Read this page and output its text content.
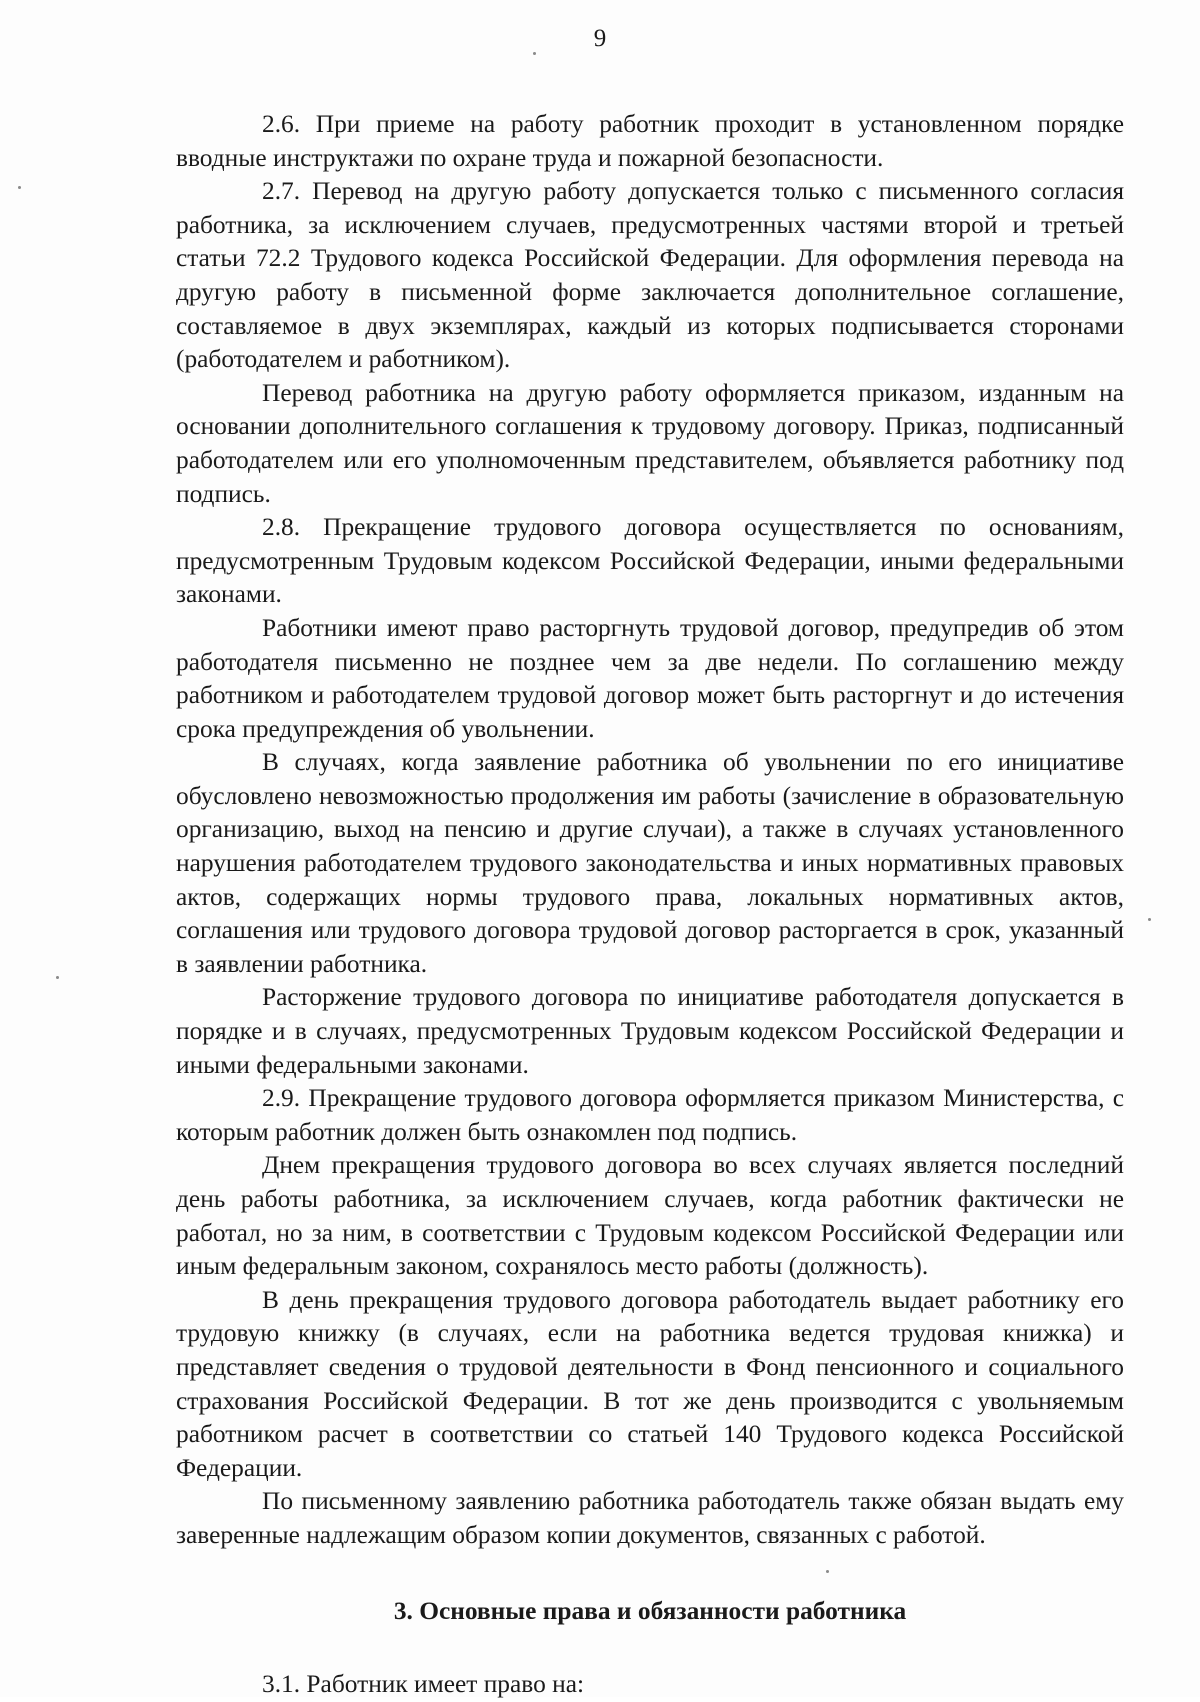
9

2.6. При приеме на работу работник проходит в установленном порядке вводные инструктажи по охране труда и пожарной безопасности.

2.7. Перевод на другую работу допускается только с письменного согласия работника, за исключением случаев, предусмотренных частями второй и третьей статьи 72.2 Трудового кодекса Российской Федерации. Для оформления перевода на другую работу в письменной форме заключается дополнительное соглашение, составляемое в двух экземплярах, каждый из которых подписывается сторонами (работодателем и работником).

Перевод работника на другую работу оформляется приказом, изданным на основании дополнительного соглашения к трудовому договору. Приказ, подписанный работодателем или его уполномоченным представителем, объявляется работнику под подпись.

2.8. Прекращение трудового договора осуществляется по основаниям, предусмотренным Трудовым кодексом Российской Федерации, иными федеральными законами.

Работники имеют право расторгнуть трудовой договор, предупредив об этом работодателя письменно не позднее чем за две недели. По соглашению между работником и работодателем трудовой договор может быть расторгнут и до истечения срока предупреждения об увольнении.

В случаях, когда заявление работника об увольнении по его инициативе обусловлено невозможностью продолжения им работы (зачисление в образовательную организацию, выход на пенсию и другие случаи), а также в случаях установленного нарушения работодателем трудового законодательства и иных нормативных правовых актов, содержащих нормы трудового права, локальных нормативных актов, соглашения или трудового договора трудовой договор расторгается в срок, указанный в заявлении работника.

Расторжение трудового договора по инициативе работодателя допускается в порядке и в случаях, предусмотренных Трудовым кодексом Российской Федерации и иными федеральными законами.

2.9. Прекращение трудового договора оформляется приказом Министерства, с которым работник должен быть ознакомлен под подпись.

Днем прекращения трудового договора во всех случаях является последний день работы работника, за исключением случаев, когда работник фактически не работал, но за ним, в соответствии с Трудовым кодексом Российской Федерации или иным федеральным законом, сохранялось место работы (должность).

В день прекращения трудового договора работодатель выдает работнику его трудовую книжку (в случаях, если на работника ведется трудовая книжка) и представляет сведения о трудовой деятельности в Фонд пенсионного и социального страхования Российской Федерации. В тот же день производится с увольняемым работником расчет в соответствии со статьей 140 Трудового кодекса Российской Федерации.

По письменному заявлению работника работодатель также обязан выдать ему заверенные надлежащим образом копии документов, связанных с работой.

3. Основные права и обязанности работника

3.1. Работник имеет право на:
